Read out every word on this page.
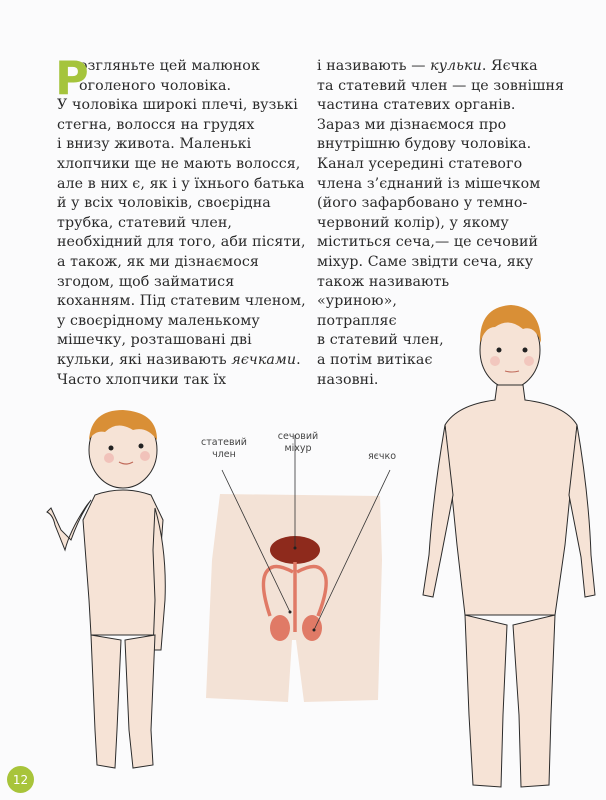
Р
озгляньте цей малюнок
оголеного чоловіка.
У чоловіка широкі плечі, вузькі
стегна, волосся на грудях
і внизу живота. Маленькі
хлопчики ще не мають волосся,
але в них є, як і у їхнього батька
й у всіх чоловіків, своєрідна
трубка, статевий член,
необхідний для того, аби пісяти,
а також, як ми дізнаємося
згодом, щоб займатися
коханням. Під статевим членом,
у своєрідному маленькому
мішечку, розташовані дві
кульки, які називають яєчками.
Часто хлопчики так їх
і називають — кульки. Яєчка
та статевий член — це зовнішня
частина статевих органів.
Зараз ми дізнаємося про
внутрішню будову чоловіка.
Канал усередині статевого
члена з’єднаний із мішечком
(його зафарбовано у темно-
червоний колір), у якому
міститься сеча,— це сечовий
міхур. Саме звідти сеча, яку
також називають
«уриною»,
потрапляє
в статевий член,
а потім витікає
назовні.
статевий
член
сечовий
міхур
яєчко
12
